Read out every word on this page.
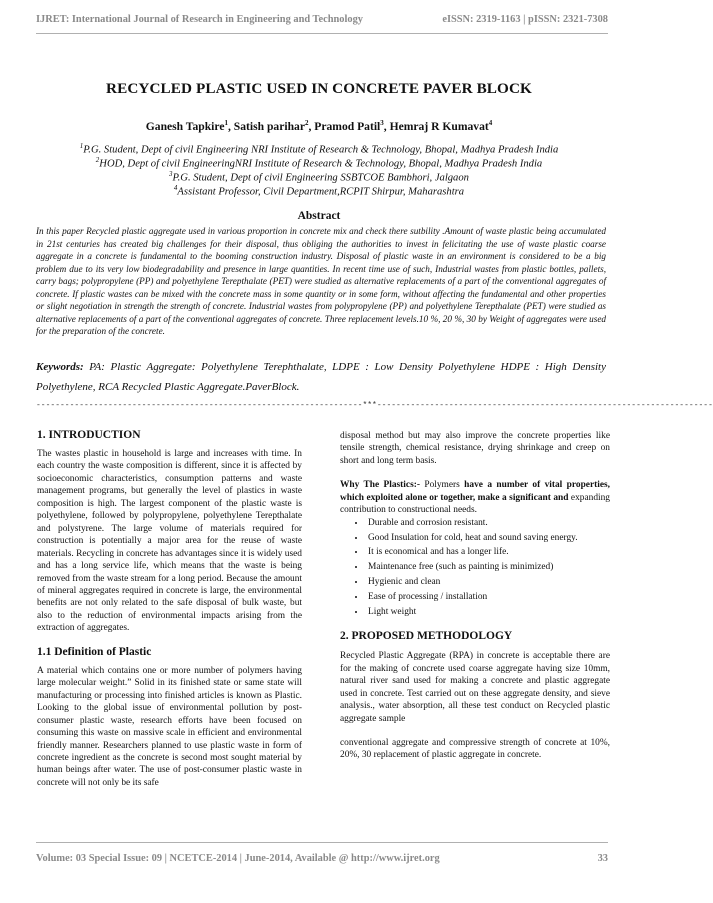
IJRET: International Journal of Research in Engineering and Technology	eISSN: 2319-1163 | pISSN: 2321-7308
RECYCLED PLASTIC USED IN CONCRETE PAVER BLOCK
Ganesh Tapkire$^1$, Satish parihar$^2$, Pramod Patil$^3$, Hemraj R Kumavat$^4$
$^1$P.G. Student, Dept of civil Engineering NRI Institute of Research & Technology, Bhopal, Madhya Pradesh India
$^2$HOD, Dept of civil EngineeringNRI Institute of Research & Technology, Bhopal, Madhya Pradesh India
$^3$P.G. Student, Dept of civil Engineering SSBTCOE Bambhori, Jalgaon
$^4$Assistant Professor, Civil Department,RCPIT Shirpur, Maharashtra
Abstract

In this paper Recycled plastic aggregate used in various proportion in concrete mix and check there sutbility .Amount of waste plastic being accumulated in 21st centuries has created big challenges for their disposal, thus obliging the authorities to invest in felicitating the use of waste plastic coarse aggregate in a concrete is fundamental to the booming construction industry. Disposal of plastic waste in an environment is considered to be a big problem due to its very low biodegradability and presence in large quantities. In recent time use of such, Industrial wastes from plastic bottles, pallets, carry bags; polypropylene (PP) and polyethylene Terepthalate (PET) were studied as alternative replacements of a part of the conventional aggregates of concrete. If plastic wastes can be mixed with the concrete mass in some quantity or in some form, without affecting the fundamental and other properties or slight negotiation in strength the strength of concrete. Industrial wastes from polypropylene (PP) and polyethylene Terepthalate (PET) were studied as alternative replacements of a part of the conventional aggregates of concrete. Three replacement levels.10 %, 20 %, 30 by Weight of aggregates were used for the preparation of the concrete.

Keywords: PA: Plastic Aggregate: Polyethylene Terephthalate, LDPE : Low Density Polyethylene HDPE : High Density Polyethylene, RCA Recycled Plastic Aggregate.PaverBlock.

--------------------------------------------------------------------***----------------------------------------------------------------------
1. INTRODUCTION

The wastes plastic in household is large and increases with time. In each country the waste composition is different, since it is affected by socioeconomic characteristics, consumption patterns and waste management programs, but generally the level of plastics in waste composition is high. The largest component of the plastic waste is polyethylene, followed by polypropylene, polyethylene Terepthalate and polystyrene. The large volume of materials required for construction is potentially a major area for the reuse of waste materials. Recycling in concrete has advantages since it is widely used and has a long service life, which means that the waste is being removed from the waste stream for a long period. Because the amount of mineral aggregates required in concrete is large, the environmental benefits are not only related to the safe disposal of bulk waste, but also to the reduction of environmental impacts arising from the extraction of aggregates.

1.1 Definition of Plastic

A material which contains one or more number of polymers having large molecular weight.” Solid in its finished state or same state will manufacturing or processing into finished articles is known as Plastic. Looking to the global issue of environmental pollution by post-consumer plastic waste, research efforts have been focused on consuming this waste on massive scale in efficient and environmental friendly manner. Researchers planned to use plastic waste in form of concrete ingredient as the concrete is second most sought material by human beings after water. The use of post-consumer plastic waste in concrete will not only be its safe

disposal method but may also improve the concrete properties like tensile strength, chemical resistance, drying shrinkage and creep on short and long term basis.

Why The Plastics:- Polymers have a number of vital properties, which exploited alone or together, make a significant and expanding contribution to constructional needs.

• Durable and corrosion resistant.
• Good Insulation for cold, heat and sound saving energy.
• It is economical and has a longer life.
• Maintenance free (such as painting is minimized)
• Hygienic and clean
• Ease of processing / installation
• Light weight
2. PROPOSED METHODOLOGY

Recycled Plastic Aggregate (RPA) in concrete is acceptable there are for the making of concrete used coarse aggregate having size 10mm, natural river sand used for making a concrete and plastic aggregate used in concrete. Test carried out on these aggregate density, and sieve analysis., water absorption, all these test conduct on Recycled plastic aggregate sample

conventional aggregate and compressive strength of concrete at 10%, 20%, 30 replacement of plastic aggregate in concrete.

Volume: 03 Special Issue: 09 | NCETCE-2014 | June-2014, Available @ http://www.ijret.org	33
